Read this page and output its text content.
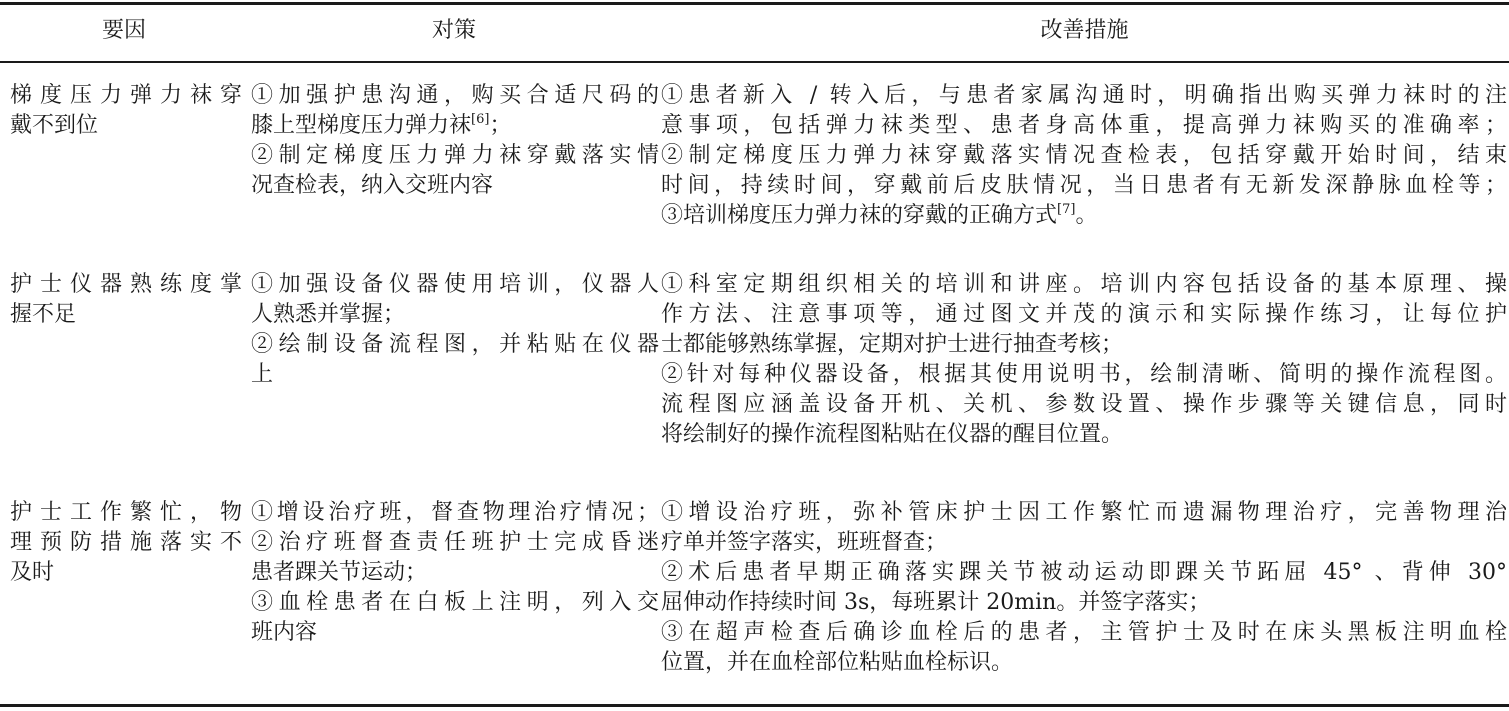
要因	对策	改善措施
梯度压力弹力袜穿
戴不到位
①加强护患沟通，购买合适尺码的
膝上型梯度压力弹力袜[6]；
②制定梯度压力弹力袜穿戴落实情
况查检表，纳入交班内容
①患者新入 / 转入后，与患者家属沟通时，明确指出购买弹力袜时的注
意事项，包括弹力袜类型、患者身高体重，提高弹力袜购买的准确率；
②制定梯度压力弹力袜穿戴落实情况查检表，包括穿戴开始时间，结束
时间，持续时间，穿戴前后皮肤情况，当日患者有无新发深静脉血栓等；
③培训梯度压力弹力袜的穿戴的正确方式[7]。
护士仪器熟练度掌
握不足
①加强设备仪器使用培训，仪器人
人熟悉并掌握；
②绘制设备流程图，并粘贴在仪器
上
①科室定期组织相关的培训和讲座。培训内容包括设备的基本原理、操
作方法、注意事项等，通过图文并茂的演示和实际操作练习，让每位护
士都能够熟练掌握，定期对护士进行抽查考核；
②针对每种仪器设备，根据其使用说明书，绘制清晰、简明的操作流程图。
流程图应涵盖设备开机、关机、参数设置、操作步骤等关键信息，同时
将绘制好的操作流程图粘贴在仪器的醒目位置。
护士工作繁忙，物
理预防措施落实不
及时
①增设治疗班，督查物理治疗情况；
②治疗班督查责任班护士完成昏迷
患者踝关节运动；
③血栓患者在白板上注明，列入交
班内容
①增设治疗班，弥补管床护士因工作繁忙而遗漏物理治疗，完善物理治
疗单并签字落实，班班督查；
②术后患者早期正确落实踝关节被动运动即踝关节跖屈 45° 、背伸 30°
屈伸动作持续时间 3s，每班累计 20min。并签字落实；
③在超声检查后确诊血栓后的患者，主管护士及时在床头黑板注明血栓
位置，并在血栓部位粘贴血栓标识。
